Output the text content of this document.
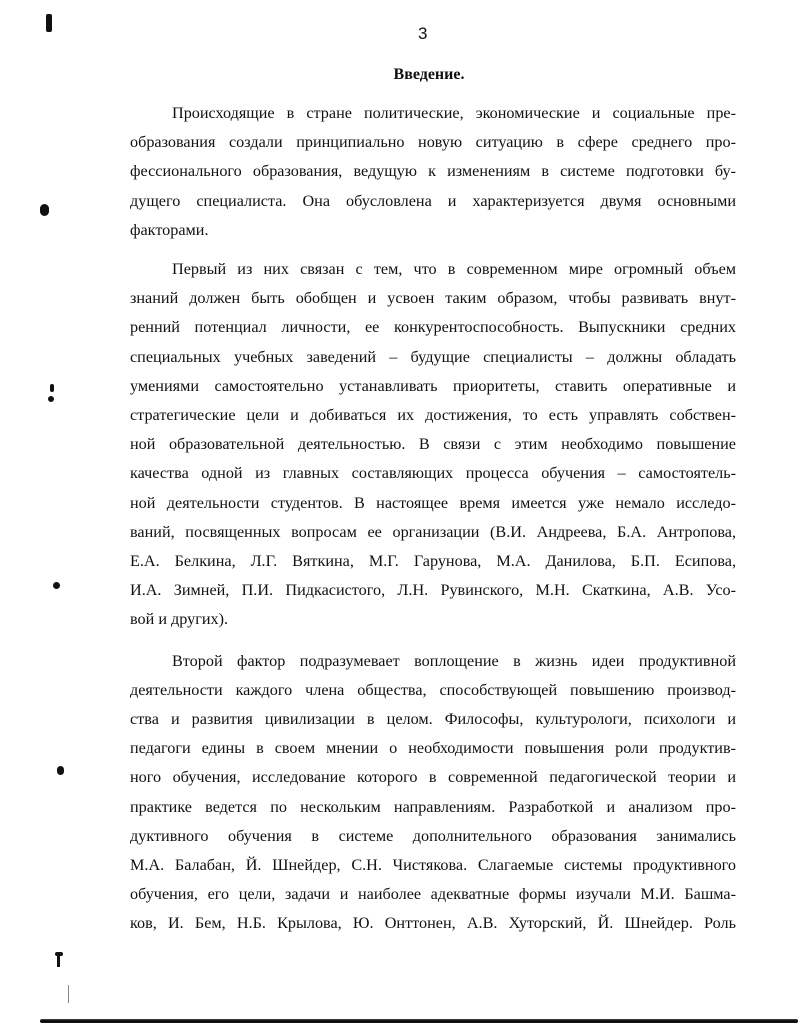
3
Введение.

Происходящие в стране политические, экономические и социальные пре-
образования создали принципиально новую ситуацию в сфере среднего про-
фессионального образования, ведущую к изменениям в системе подготовки бу-
дущего специалиста. Она обусловлена и характеризуется двумя основными
факторами.

Первый из них связан с тем, что в современном мире огромный объем
знаний должен быть обобщен и усвоен таким образом, чтобы развивать внут-
ренний потенциал личности, ее конкурентоспособность. Выпускники средних
специальных учебных заведений – будущие специалисты – должны обладать
умениями самостоятельно устанавливать приоритеты, ставить оперативные и
стратегические цели и добиваться их достижения, то есть управлять собствен-
ной образовательной деятельностью. В связи с этим необходимо повышение
качества одной из главных составляющих процесса обучения – самостоятель-
ной деятельности студентов. В настоящее время имеется уже немало исследо-
ваний, посвященных вопросам ее организации (В.И. Андреева, Б.А. Антропова,
Е.А. Белкина, Л.Г. Вяткина, М.Г. Гарунова, М.А. Данилова, Б.П. Есипова,
И.А. Зимней, П.И. Пидкасистого, Л.Н. Рувинского, М.Н. Скаткина, А.В. Усо-
вой и других).

Второй фактор подразумевает воплощение в жизнь идеи продуктивной
деятельности каждого члена общества, способствующей повышению производ-
ства и развития цивилизации в целом. Философы, культурологи, психологи и
педагоги едины в своем мнении о необходимости повышения роли продуктив-
ного обучения, исследование которого в современной педагогической теории и
практике ведется по нескольким направлениям. Разработкой и анализом про-
дуктивного обучения в системе дополнительного образования занимались
М.А. Балабан, Й. Шнейдер, С.Н. Чистякова. Слагаемые системы продуктивного
обучения, его цели, задачи и наиболее адекватные формы изучали М.И. Башма-
ков, И. Бем, Н.Б. Крылова, Ю. Онттонен, А.В. Хуторский, Й. Шнейдер. Роль
